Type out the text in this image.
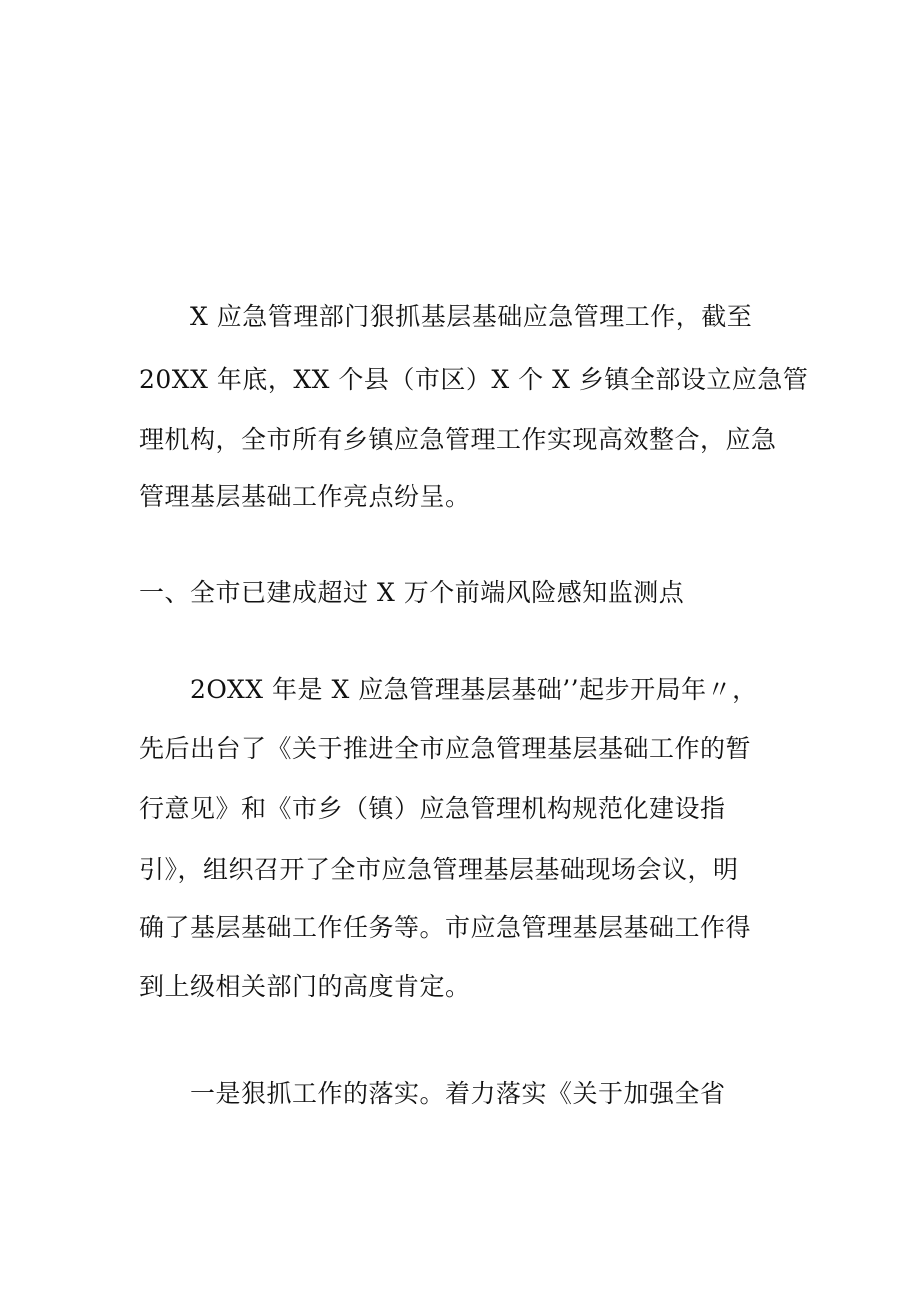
X 应急管理部门狠抓基层基础应急管理工作，截至
20XX 年底，XX 个县（市区）X 个 X 乡镇全部设立应急管
理机构，全市所有乡镇应急管理工作实现高效整合，应急
管理基层基础工作亮点纷呈。
一、全市已建成超过 X 万个前端风险感知监测点
2OXX 年是 X 应急管理基层基础’’起步开局年〃，
先后出台了《关于推进全市应急管理基层基础工作的暂
行意见》和《市乡（镇）应急管理机构规范化建设指
引》，组织召开了全市应急管理基层基础现场会议，明
确了基层基础工作任务等。市应急管理基层基础工作得
到上级相关部门的高度肯定。
一是狠抓工作的落实。着力落实《关于加强全省
